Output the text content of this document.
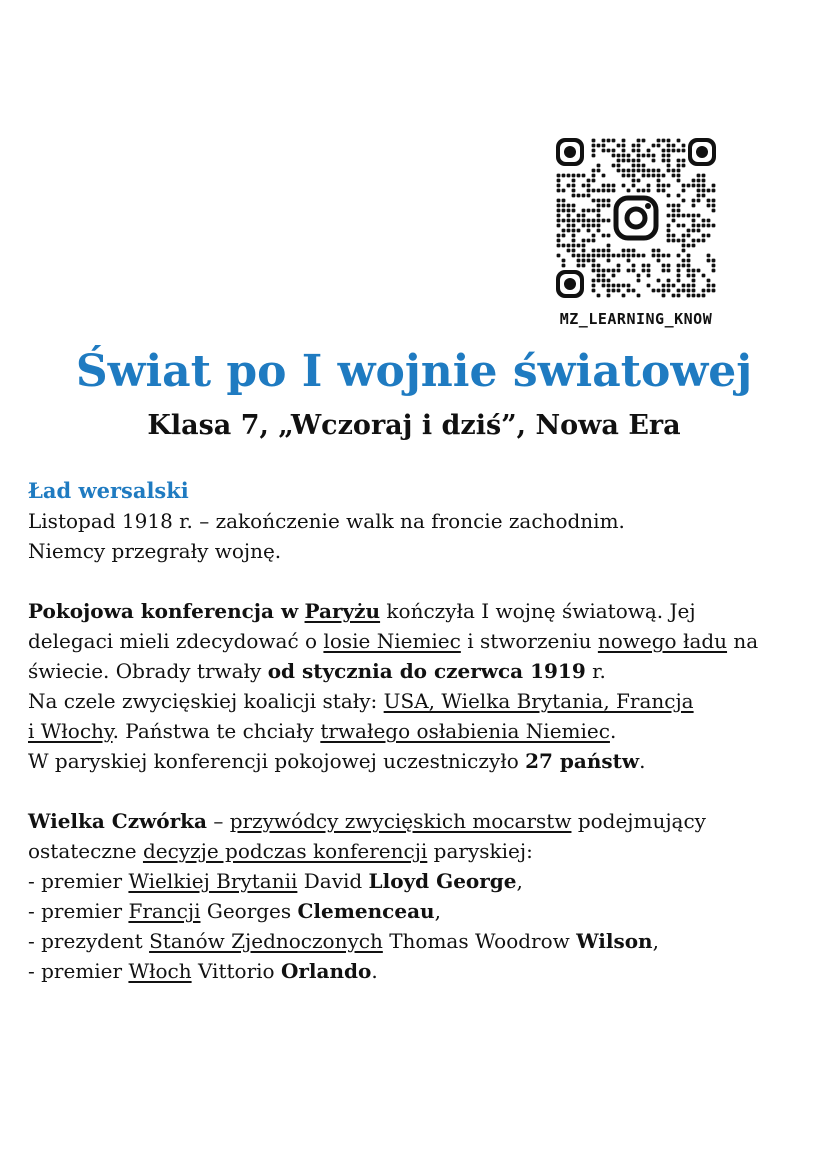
MZ_LEARNING_KNOW
Świat po I wojnie światowej
Klasa 7, „Wczoraj i dziś”, Nowa Era

Ład wersalski

Listopad 1918 r. – zakończenie walk na froncie zachodnim.

Niemcy przegrały wojnę.

Pokojowa konferencja w Paryżu kończyła I wojnę światową. Jej

delegaci mieli zdecydować o losie Niemiec i stworzeniu nowego ładu na

świecie. Obrady trwały od stycznia do czerwca 1919 r.

Na czele zwycięskiej koalicji stały: USA, Wielka Brytania, Francja

i Włochy. Państwa te chciały trwałego osłabienia Niemiec.

W paryskiej konferencji pokojowej uczestniczyło 27 państw.

Wielka Czwórka – przywódcy zwycięskich mocarstw podejmujący

ostateczne decyzje podczas konferencji paryskiej:

- premier Wielkiej Brytanii David Lloyd George,

- premier Francji Georges Clemenceau,

- prezydent Stanów Zjednoczonych Thomas Woodrow Wilson,

- premier Włoch Vittorio Orlando.
